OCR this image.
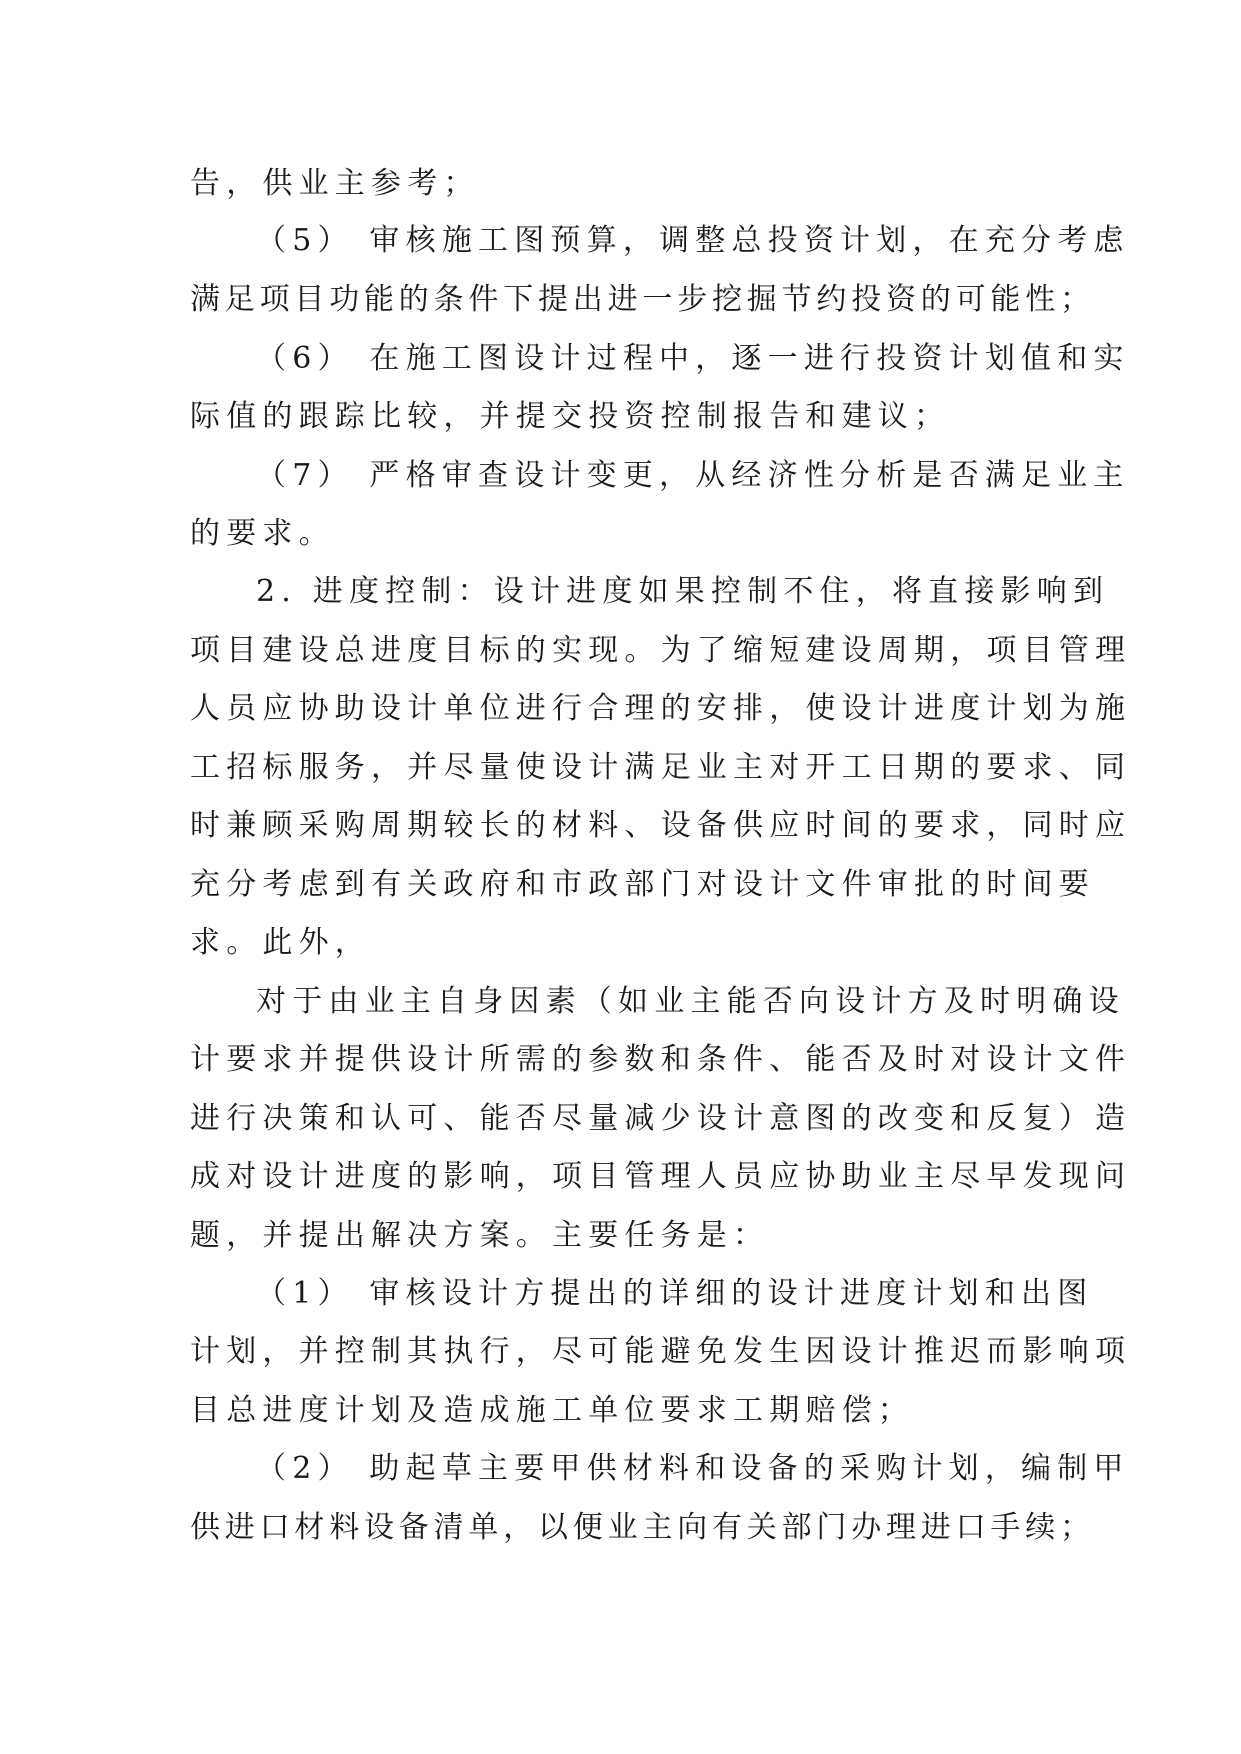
告，供业主参考；
（5） 审核施工图预算，调整总投资计划，在充分考虑
满足项目功能的条件下提出进一步挖掘节约投资的可能性；
（6） 在施工图设计过程中，逐一进行投资计划值和实
际值的跟踪比较，并提交投资控制报告和建议；
（7） 严格审查设计变更，从经济性分析是否满足业主
的要求。
2. 进度控制：设计进度如果控制不住，将直接影响到
项目建设总进度目标的实现。为了缩短建设周期，项目管理
人员应协助设计单位进行合理的安排，使设计进度计划为施
工招标服务，并尽量使设计满足业主对开工日期的要求、同
时兼顾采购周期较长的材料、设备供应时间的要求，同时应
充分考虑到有关政府和市政部门对设计文件审批的时间要
求。此外，
对于由业主自身因素（如业主能否向设计方及时明确设
计要求并提供设计所需的参数和条件、能否及时对设计文件
进行决策和认可、能否尽量减少设计意图的改变和反复）造
成对设计进度的影响，项目管理人员应协助业主尽早发现问
题，并提出解决方案。主要任务是：
（1） 审核设计方提出的详细的设计进度计划和出图
计划，并控制其执行，尽可能避免发生因设计推迟而影响项
目总进度计划及造成施工单位要求工期赔偿；
（2） 助起草主要甲供材料和设备的采购计划，编制甲
供进口材料设备清单，以便业主向有关部门办理进口手续；
